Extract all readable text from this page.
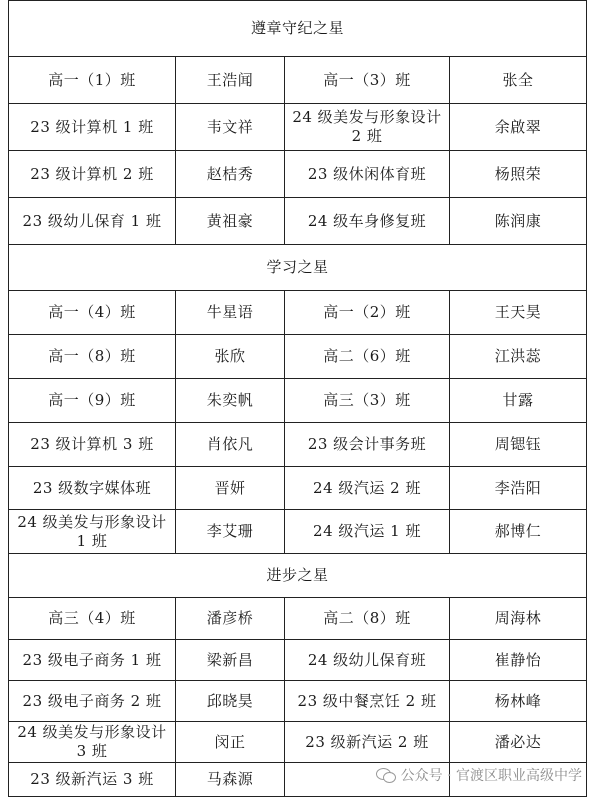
遵章守纪之星			
高一（1）班	王浩闻	高一（3）班	张全
23 级计算机 1 班	韦文祥	24 级美发与形象设计 2 班	余啟翠
23 级计算机 2 班	赵桔秀	23 级休闲体育班	杨照荣
23 级幼儿保育 1 班	黄祖豪	24 级车身修复班	陈润康
学习之星			
高一（4）班	牛星语	高一（2）班	王天昊
高一（8）班	张欣	高二（6）班	江洪蕊
高一（9）班	朱奕帆	高三（3）班	甘露
23 级计算机 3 班	肖依凡	23 级会计事务班	周锶钰
23 级数字媒体班	晋妍	24 级汽运 2 班	李浩阳
24 级美发与形象设计 1 班	李艾珊	24 级汽运 1 班	郝博仁
进步之星			
高三（4）班	潘彦桥	高二（8）班	周海林
23 级电子商务 1 班	梁新昌	24 级幼儿保育班	崔静怡
23 级电子商务 2 班	邱晓昊	23 级中餐烹饪 2 班	杨林峰
24 级美发与形象设计 3 班	闵正	23 级新汽运 2 班	潘必达
23 级新汽运 3 班	马森源			公众号 · 官渡区职业高级中学
